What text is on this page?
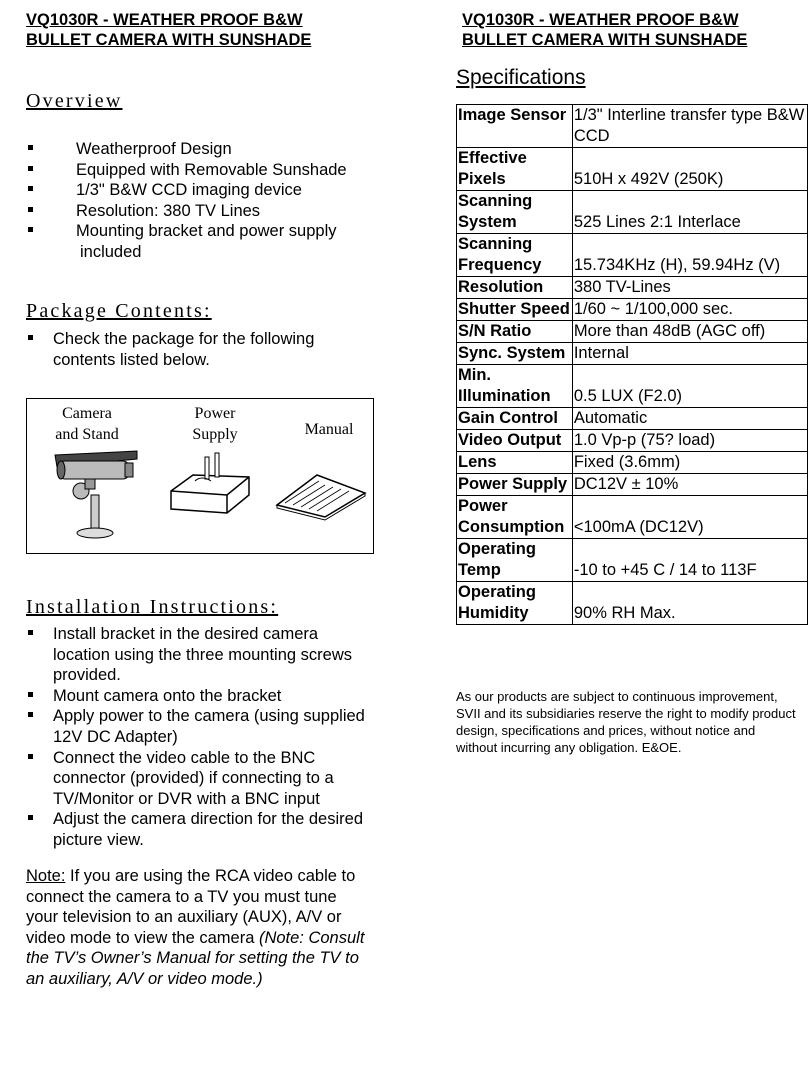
VQ1030R - WEATHER PROOF B&W
BULLET CAMERA WITH SUNSHADE
Overview
Weatherproof Design
Equipped with Removable Sunshade
1/3" B&W CCD imaging device
Resolution: 380 TV Lines
Mounting bracket and power supply included
Package Contents:
Check the package for the following contents listed below.
Camera
and Stand
Power
Supply	Manual
Installation Instructions:
Install bracket in the desired camera location using the three mounting screws provided.
Mount camera onto the bracket
Apply power to the camera (using supplied 12V DC Adapter)
Connect the video cable to the BNC connector (provided) if connecting to a TV/Monitor or DVR with a BNC input
Adjust the camera direction for the desired picture view.
Note: If you are using the RCA video cable to connect the camera to a TV you must tune your television to an auxiliary (AUX), A/V or video mode to view the camera (Note: Consult the TV’s Owner’s Manual for setting the TV to an auxiliary, A/V or video mode.)
VQ1030R - WEATHER PROOF B&W
BULLET CAMERA WITH SUNSHADE
Specifications
Image Sensor	1/3" Interline transfer type B&W CCD
Effective Pixels	510H x 492V (250K)
Scanning System	525 Lines 2:1 Interlace
Scanning Frequency	15.734KHz (H), 59.94Hz (V)
Resolution	380 TV-Lines
Shutter Speed	1/60 ~ 1/100,000 sec.
S/N Ratio	More than 48dB (AGC off)
Sync. System	Internal
Min. Illumination	0.5 LUX (F2.0)
Gain Control	Automatic
Video Output	1.0 Vp-p (75? load)
Lens	Fixed (3.6mm)
Power Supply	DC12V ± 10%
Power Consumption	<100mA (DC12V)
Operating Temp	-10 to +45 C / 14 to 113F
Operating Humidity	90% RH Max.
As our products are subject to continuous improvement, SVII and its subsidiaries reserve the right to modify product design, specifications and prices, without notice and without incurring any obligation. E&OE.
